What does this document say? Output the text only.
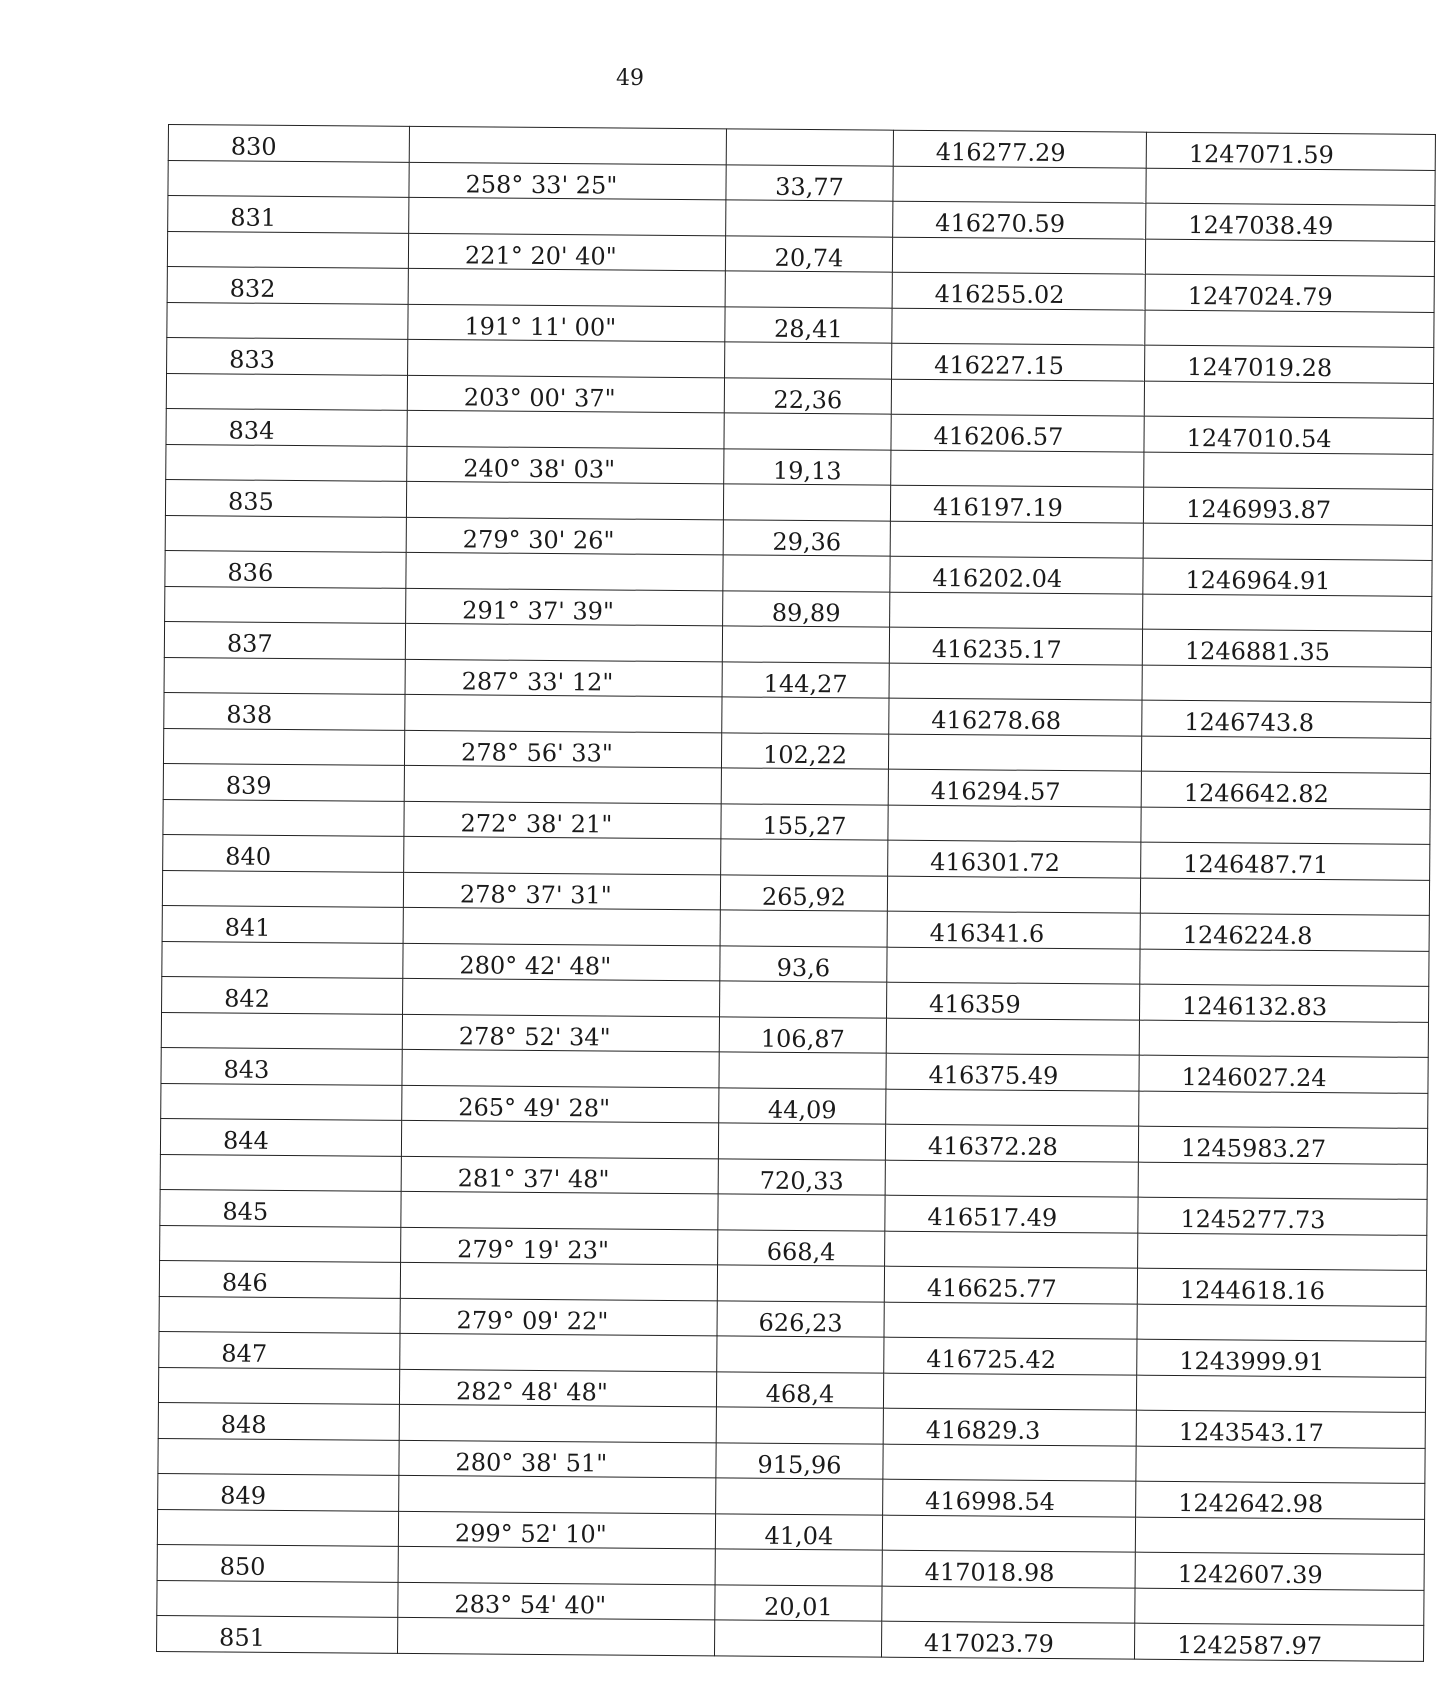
49
830			416277.29	1247071.59
	258° 33' 25"	33,77		
831			416270.59	1247038.49
	221° 20' 40"	20,74		
832			416255.02	1247024.79
	191° 11' 00"	28,41		
833			416227.15	1247019.28
	203° 00' 37"	22,36		
834			416206.57	1247010.54
	240° 38' 03"	19,13		
835			416197.19	1246993.87
	279° 30' 26"	29,36		
836			416202.04	1246964.91
	291° 37' 39"	89,89		
837			416235.17	1246881.35
	287° 33' 12"	144,27		
838			416278.68	1246743.8
	278° 56' 33"	102,22		
839			416294.57	1246642.82
	272° 38' 21"	155,27		
840			416301.72	1246487.71
	278° 37' 31"	265,92		
841			416341.6	1246224.8
	280° 42' 48"	93,6		
842			416359	1246132.83
	278° 52' 34"	106,87		
843			416375.49	1246027.24
	265° 49' 28"	44,09		
844			416372.28	1245983.27
	281° 37' 48"	720,33		
845			416517.49	1245277.73
	279° 19' 23"	668,4		
846			416625.77	1244618.16
	279° 09' 22"	626,23		
847			416725.42	1243999.91
	282° 48' 48"	468,4		
848			416829.3	1243543.17
	280° 38' 51"	915,96		
849			416998.54	1242642.98
	299° 52' 10"	41,04		
850			417018.98	1242607.39
	283° 54' 40"	20,01		
851			417023.79	1242587.97
